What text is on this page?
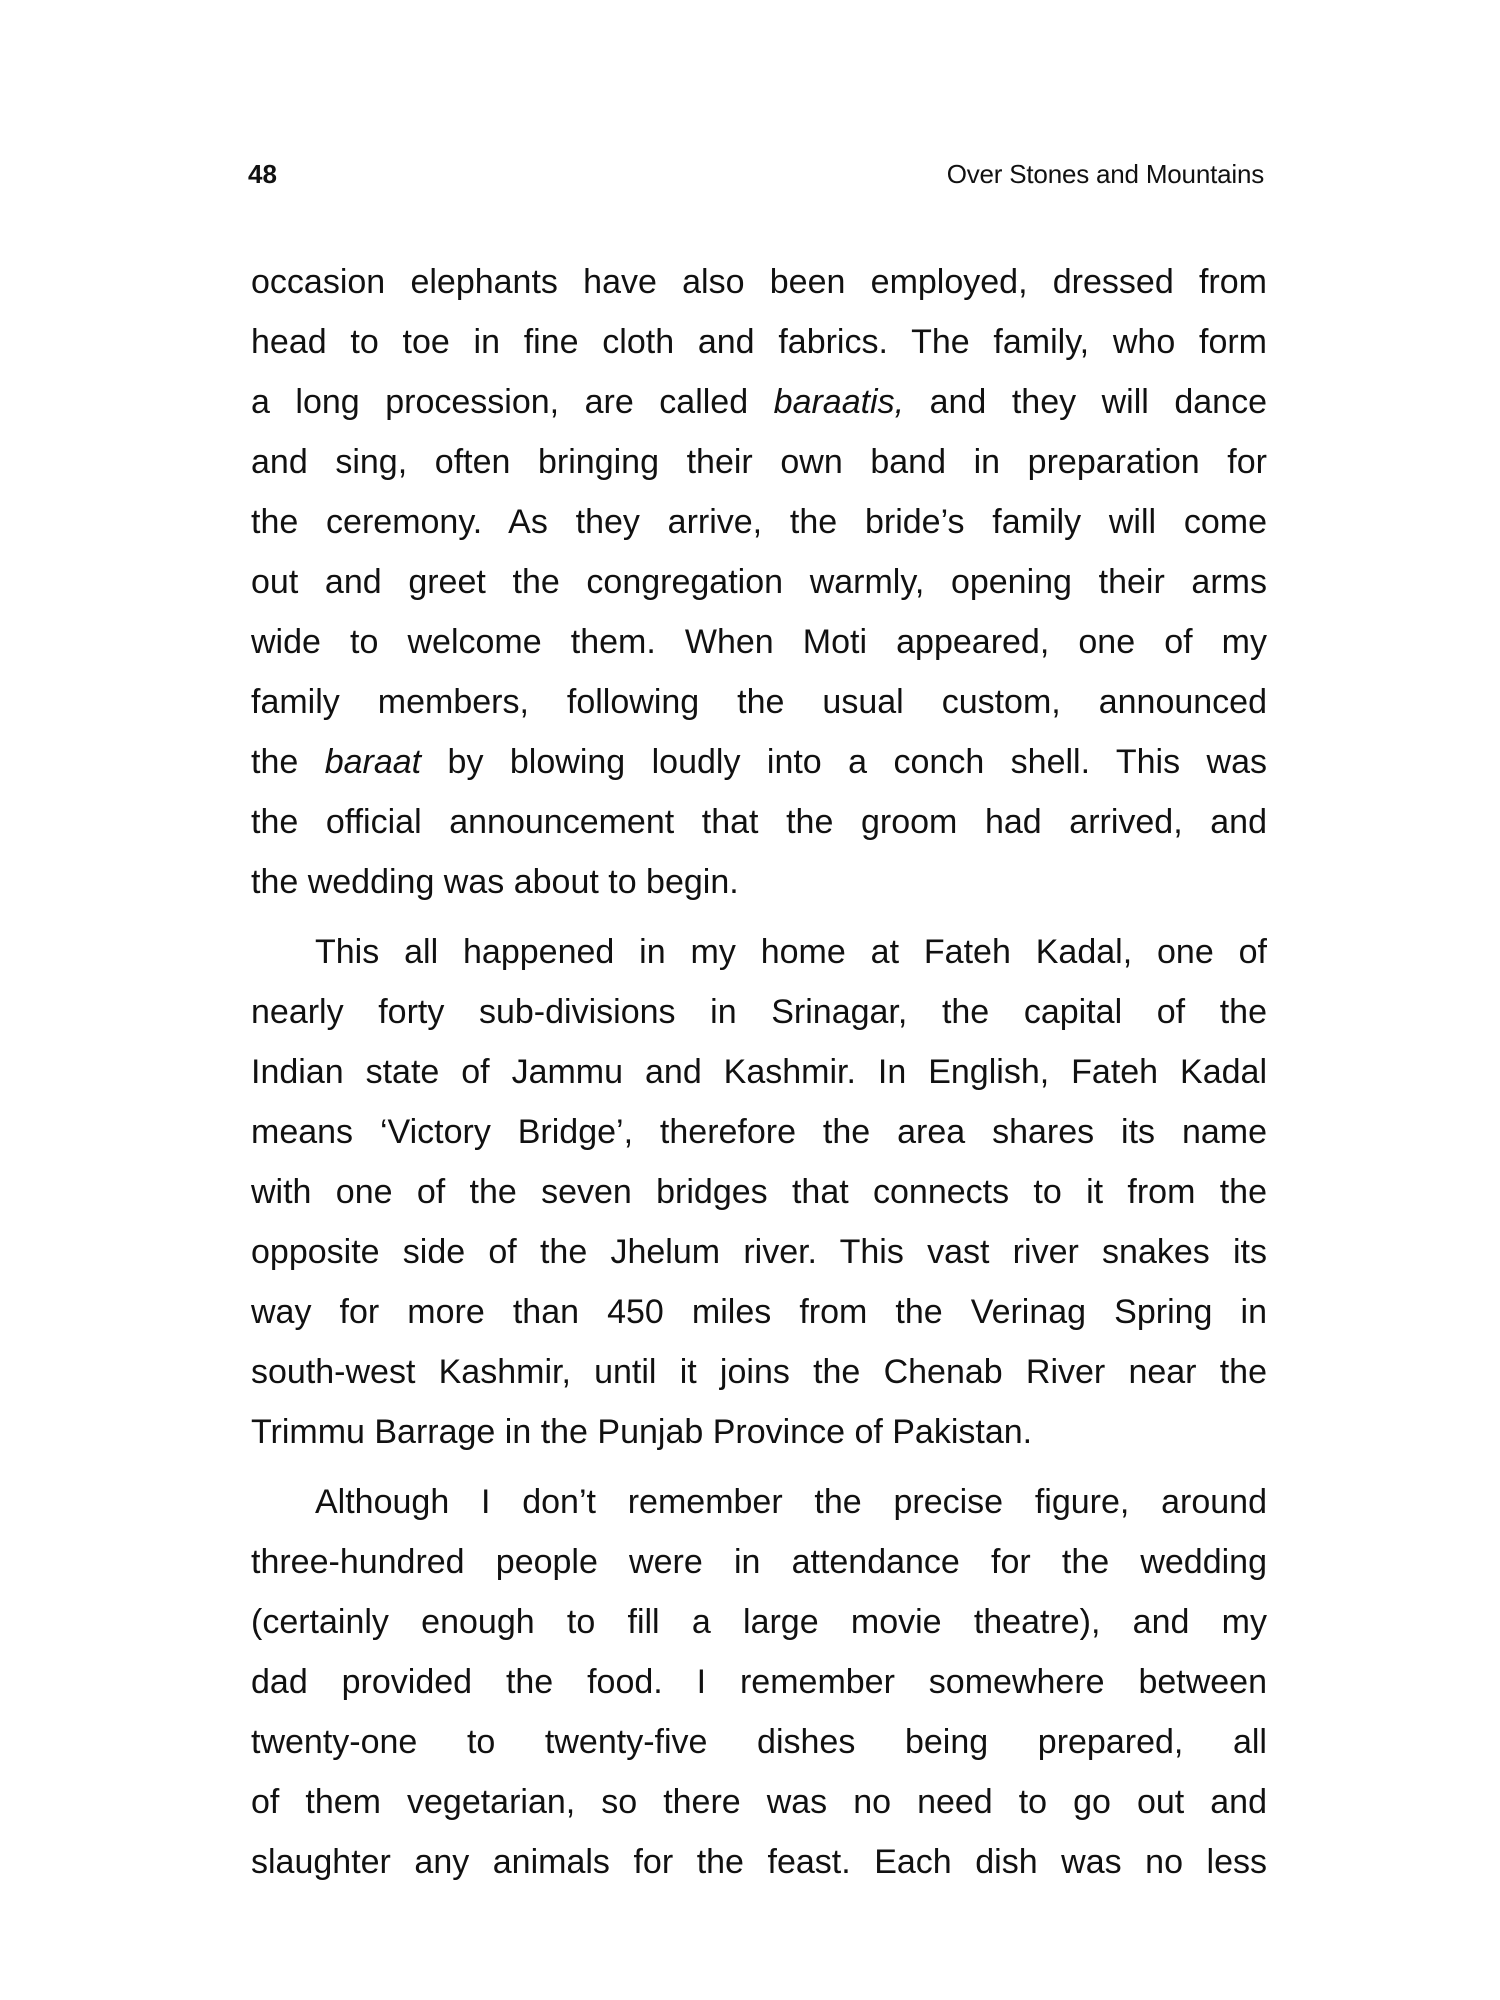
48	Over Stones and Mountains
occasion elephants have also been employed, dressed from
head to toe in fine cloth and fabrics. The family, who form
a long procession, are called baraatis, and they will dance
and sing, often bringing their own band in preparation for
the ceremony. As they arrive, the bride’s family will come
out and greet the congregation warmly, opening their arms
wide to welcome them. When Moti appeared, one of my
family members, following the usual custom, announced
the baraat by blowing loudly into a conch shell. This was
the official announcement that the groom had arrived, and
the wedding was about to begin.
This all happened in my home at Fateh Kadal, one of
nearly forty sub-divisions in Srinagar, the capital of the
Indian state of Jammu and Kashmir. In English, Fateh Kadal
means ‘Victory Bridge’, therefore the area shares its name
with one of the seven bridges that connects to it from the
opposite side of the Jhelum river. This vast river snakes its
way for more than 450 miles from the Verinag Spring in
south-west Kashmir, until it joins the Chenab River near the
Trimmu Barrage in the Punjab Province of Pakistan.
Although I don’t remember the precise figure, around
three-hundred people were in attendance for the wedding
(certainly enough to fill a large movie theatre), and my
dad provided the food. I remember somewhere between
twenty-one to twenty-five dishes being prepared, all
of them vegetarian, so there was no need to go out and
slaughter any animals for the feast. Each dish was no less
